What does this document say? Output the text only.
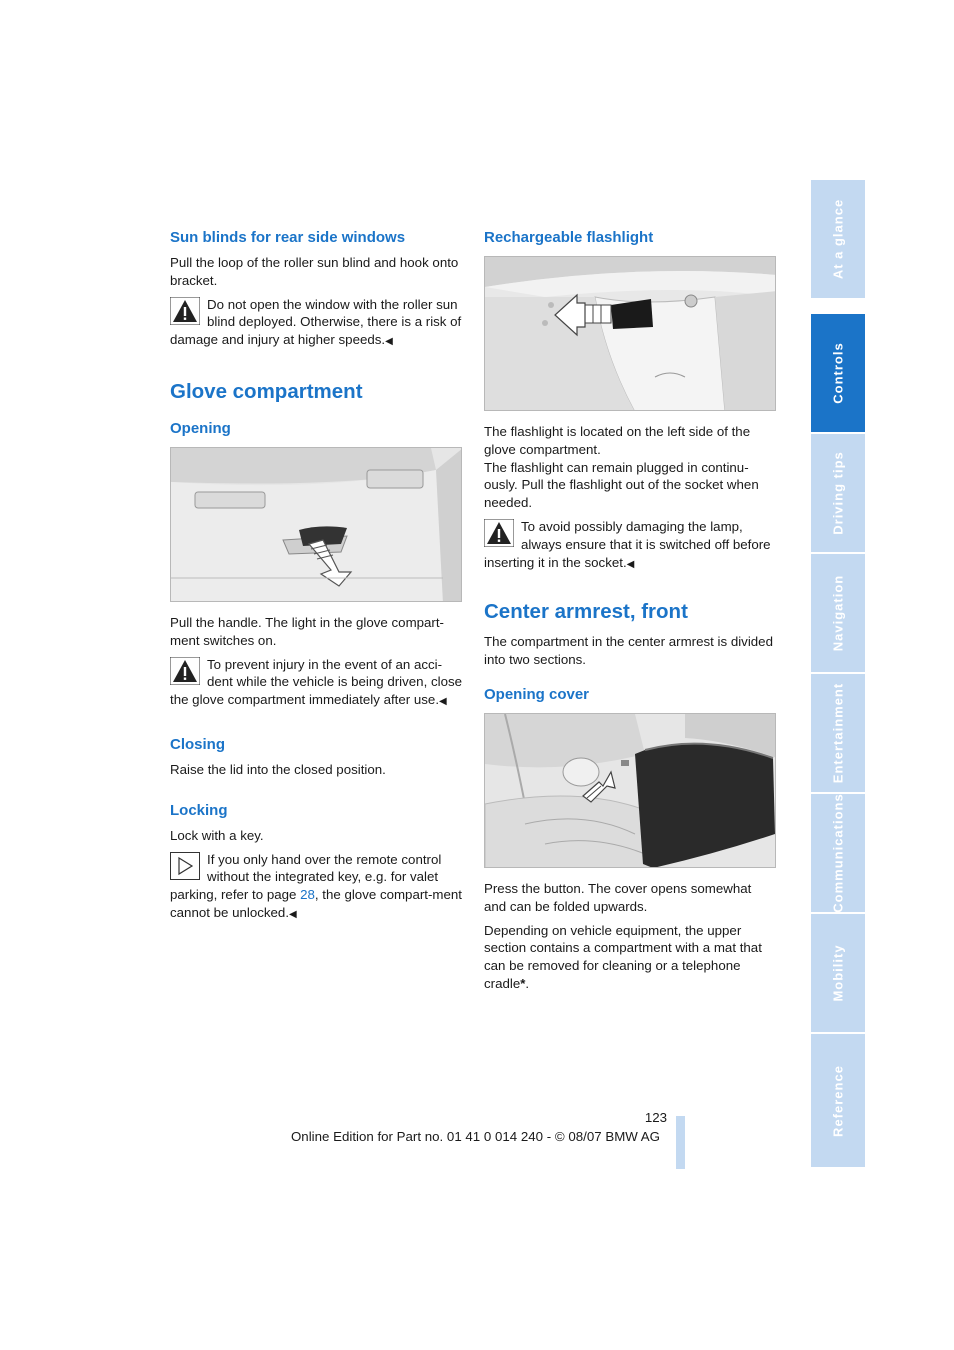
Sun blinds for rear side windows

Pull the loop of the roller sun blind and hook onto bracket.

Do not open the window with the roller sun blind deployed. Otherwise, there is a risk of damage and injury at higher speeds.◀
Glove compartment
Opening

Pull the handle. The light in the glove compart-ment switches on.

To prevent injury in the event of an acci-dent while the vehicle is being driven, close the glove compartment immediately after use.◀
Closing

Raise the lid into the closed position.

Locking

Lock with a key.

If you only hand over the remote control without the integrated key, e.g. for valet parking, refer to page 28, the glove compart-ment cannot be unlocked.◀
Rechargeable flashlight

The flashlight is located on the left side of the glove compartment.

The flashlight can remain plugged in continu-ously. Pull the flashlight out of the socket when needed.

To avoid possibly damaging the lamp, always ensure that it is switched off before inserting it in the socket.◀
Center armrest, front

The compartment in the center armrest is divided into two sections.

Opening cover

Press the button. The cover opens somewhat and can be folded upwards.

Depending on vehicle equipment, the upper section contains a compartment with a mat that can be removed for cleaning or a telephone cradle*.

At a glance
Controls
Driving tips
Navigation
Entertainment
Communications
Mobility
Reference
123
Online Edition for Part no. 01 41 0 014 240 - © 08/07 BMW AG
